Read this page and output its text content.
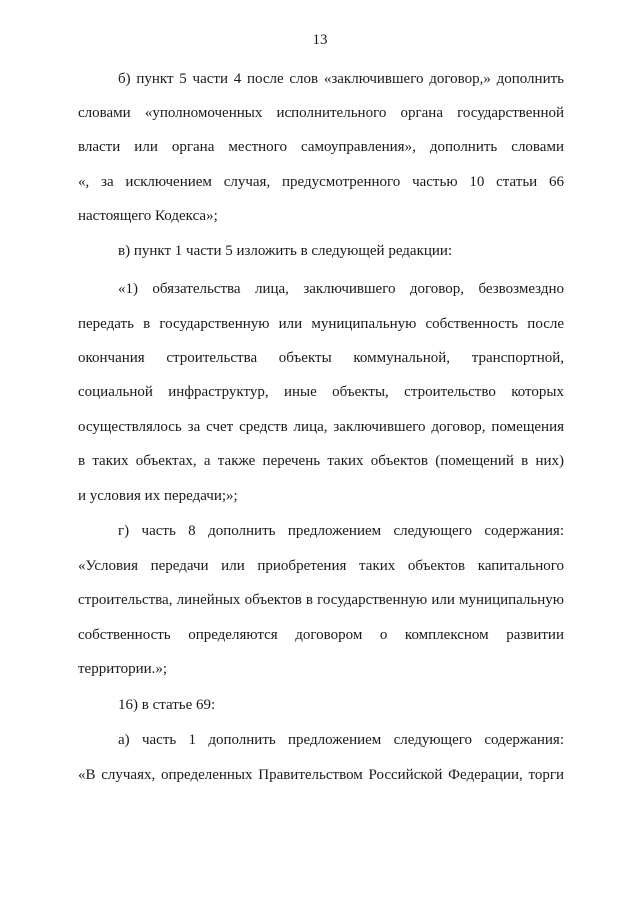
13
б) пункт 5 части 4 после слов «заключившего договор,» дополнить
словами «уполномоченных исполнительного органа государственной
власти или органа местного самоуправления», дополнить словами
«, за исключением случая, предусмотренного частью 10 статьи 66
настоящего Кодекса»;
в) пункт 1 части 5 изложить в следующей редакции:
«1) обязательства лица, заключившего договор, безвозмездно
передать в государственную или муниципальную собственность после
окончания строительства объекты коммунальной, транспортной,
социальной инфраструктур, иные объекты, строительство которых
осуществлялось за счет средств лица, заключившего договор, помещения
в таких объектах, а также перечень таких объектов (помещений в них)
и условия их передачи;»;
г) часть 8 дополнить предложением следующего содержания:
«Условия передачи или приобретения таких объектов капитального
строительства, линейных объектов в государственную или муниципальную
собственность определяются договором о комплексном развитии
территории.»;
16) в статье 69:
а) часть 1 дополнить предложением следующего содержания:
«В случаях, определенных Правительством Российской Федерации, торги
